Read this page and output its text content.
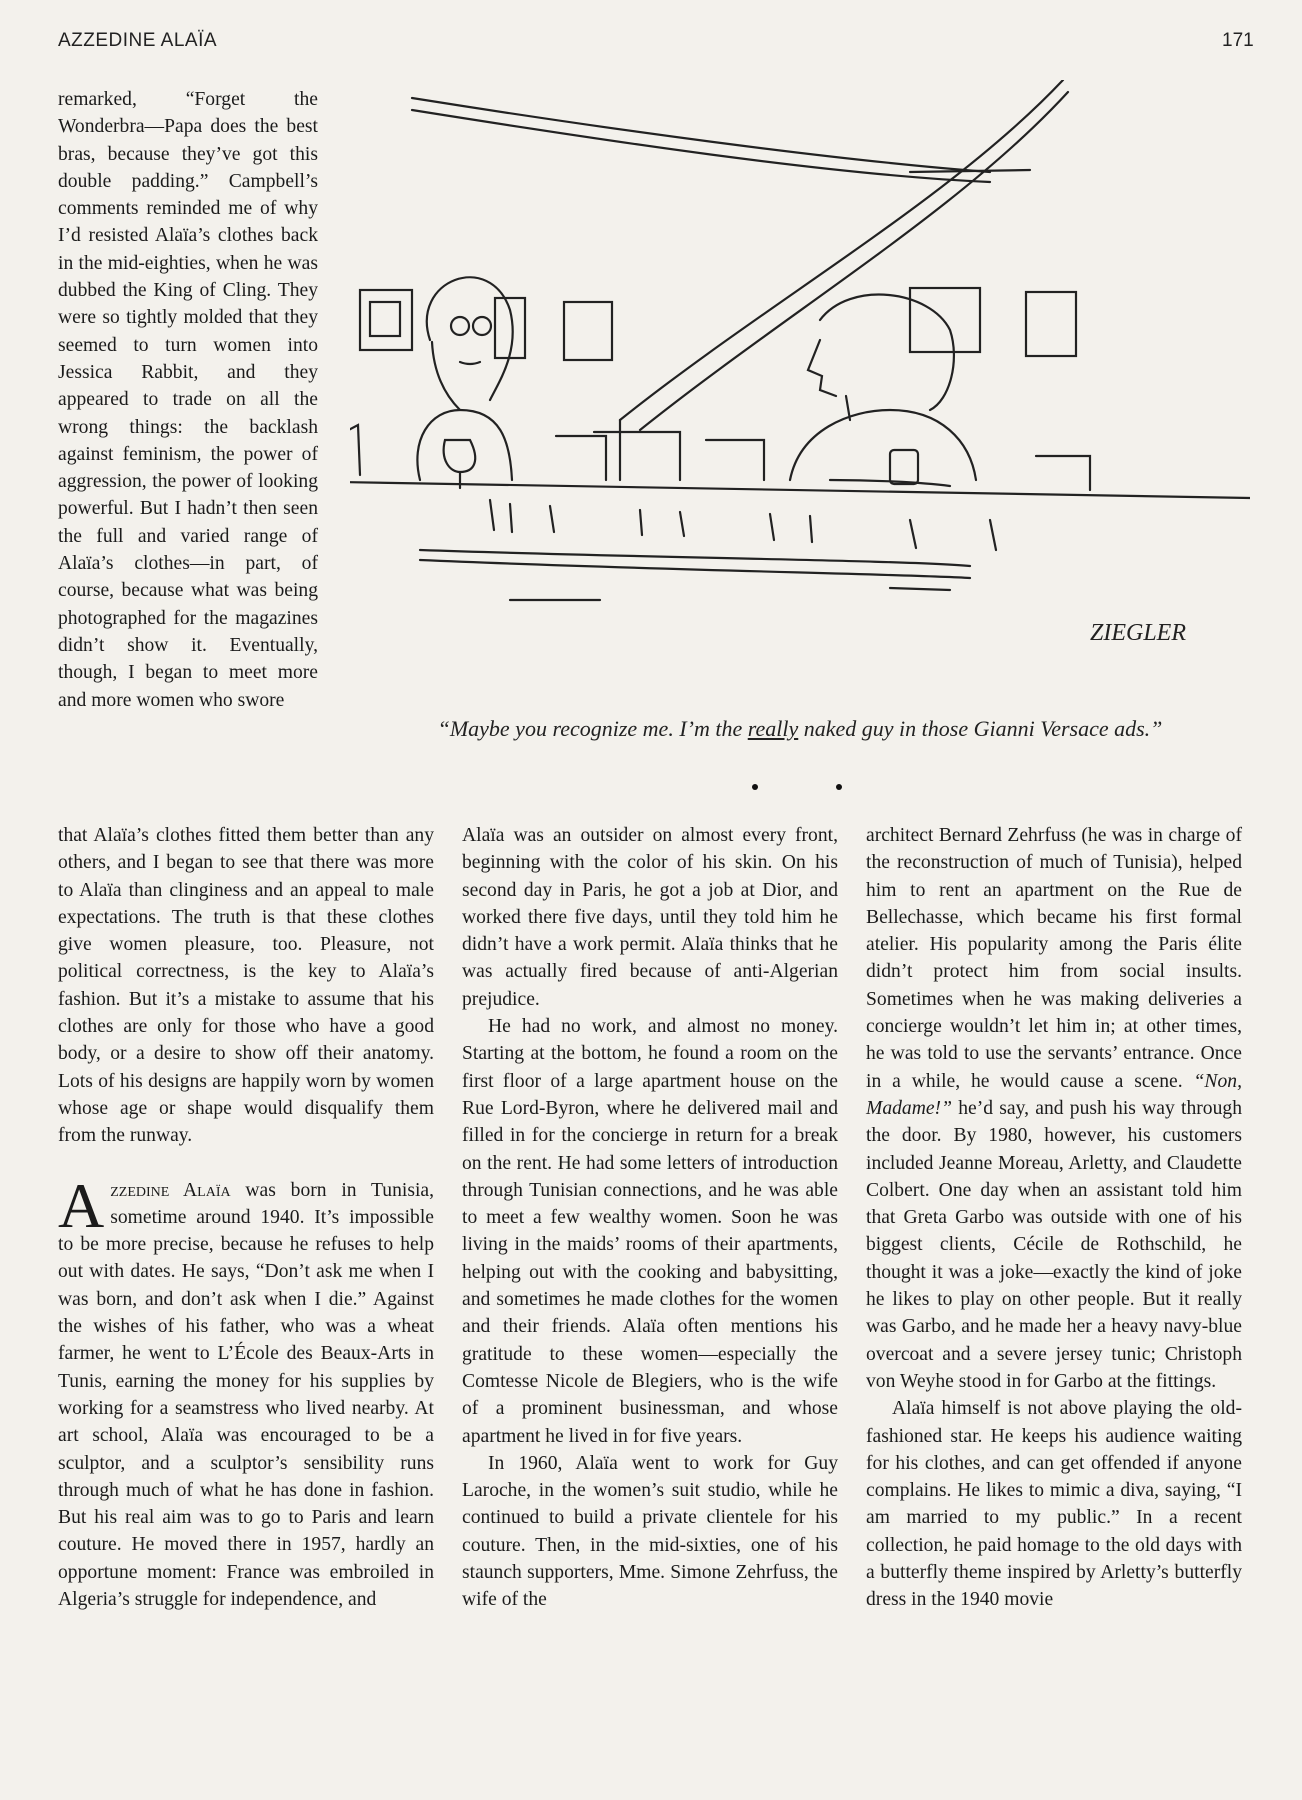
AZZEDINE ALAÏA	171

remarked, “Forget the Wonderbra—Papa does the best bras, because they’ve got this double padding.” Campbell’s comments reminded me of why I’d resisted Alaïa’s clothes back in the mid-eighties, when he was dubbed the King of Cling. They were so tightly molded that they seemed to turn women into Jessica Rabbit, and they appeared to trade on all the wrong things: the backlash against feminism, the power of aggression, the power of looking powerful. But I hadn’t then seen the full and varied range of Alaïa’s clothes—in part, of course, because what was being photographed for the magazines didn’t show it. Eventually, though, I began to meet more and more women who swore

ZIEGLER
“Maybe you recognize me. I’m the really naked guy in those Gianni Versace ads.”

that Alaïa’s clothes fitted them better than any others, and I began to see that there was more to Alaïa than clinginess and an appeal to male expectations. The truth is that these clothes give women pleasure, too. Pleasure, not political correctness, is the key to Alaïa’s fashion. But it’s a mistake to assume that his clothes are only for those who have a good body, or a desire to show off their anatomy. Lots of his designs are happily worn by women whose age or shape would disqualify them from the runway.

Azzedine Alaïa was born in Tunisia, sometime around 1940. It’s impossible to be more precise, because he refuses to help out with dates. He says, “Don’t ask me when I was born, and don’t ask when I die.” Against the wishes of his father, who was a wheat farmer, he went to L’École des Beaux-Arts in Tunis, earning the money for his supplies by working for a seamstress who lived nearby. At art school, Alaïa was encouraged to be a sculptor, and a sculptor’s sensibility runs through much of what he has done in fashion. But his real aim was to go to Paris and learn couture. He moved there in 1957, hardly an opportune moment: France was embroiled in Algeria’s struggle for independence, and

Alaïa was an outsider on almost every front, beginning with the color of his skin. On his second day in Paris, he got a job at Dior, and worked there five days, until they told him he didn’t have a work permit. Alaïa thinks that he was actually fired because of anti-Algerian prejudice.

He had no work, and almost no money. Starting at the bottom, he found a room on the first floor of a large apartment house on the Rue Lord-Byron, where he delivered mail and filled in for the concierge in return for a break on the rent. He had some letters of introduction through Tunisian connections, and he was able to meet a few wealthy women. Soon he was living in the maids’ rooms of their apartments, helping out with the cooking and babysitting, and sometimes he made clothes for the women and their friends. Alaïa often mentions his gratitude to these women—especially the Comtesse Nicole de Blegiers, who is the wife of a prominent businessman, and whose apartment he lived in for five years.

In 1960, Alaïa went to work for Guy Laroche, in the women’s suit studio, while he continued to build a private clientele for his couture. Then, in the mid-sixties, one of his staunch supporters, Mme. Simone Zehrfuss, the wife of the

architect Bernard Zehrfuss (he was in charge of the reconstruction of much of Tunisia), helped him to rent an apartment on the Rue de Bellechasse, which became his first formal atelier. His popularity among the Paris élite didn’t protect him from social insults. Sometimes when he was making deliveries a concierge wouldn’t let him in; at other times, he was told to use the servants’ entrance. Once in a while, he would cause a scene. “Non, Madame!” he’d say, and push his way through the door. By 1980, however, his customers included Jeanne Moreau, Arletty, and Claudette Colbert. One day when an assistant told him that Greta Garbo was outside with one of his biggest clients, Cécile de Rothschild, he thought it was a joke—exactly the kind of joke he likes to play on other people. But it really was Garbo, and he made her a heavy navy-blue overcoat and a severe jersey tunic; Christoph von Weyhe stood in for Garbo at the fittings.

Alaïa himself is not above playing the old-fashioned star. He keeps his audience waiting for his clothes, and can get offended if anyone complains. He likes to mimic a diva, saying, “I am married to my public.” In a recent collection, he paid homage to the old days with a butterfly theme inspired by Arletty’s butterfly dress in the 1940 movie
